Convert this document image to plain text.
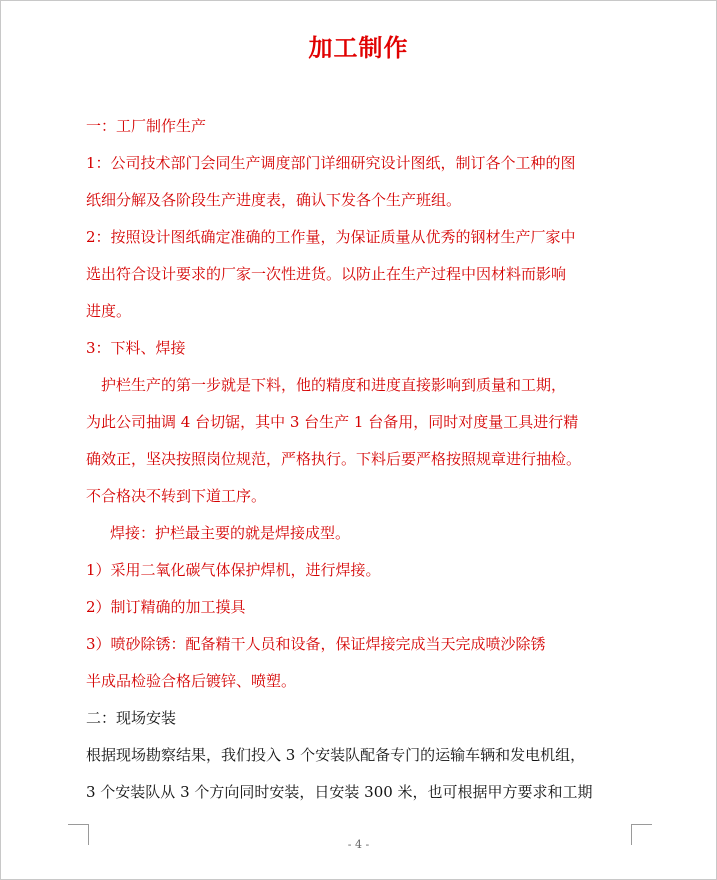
加工制作
一：工厂制作生产
1：公司技术部门会同生产调度部门详细研究设计图纸，制订各个工种的图
纸细分解及各阶段生产进度表，确认下发各个生产班组。
2：按照设计图纸确定准确的工作量，为保证质量从优秀的钢材生产厂家中
选出符合设计要求的厂家一次性进货。以防止在生产过程中因材料而影响
进度。
3：下料、焊接
护栏生产的第一步就是下料，他的精度和进度直接影响到质量和工期，
为此公司抽调 4 台切锯，其中 3 台生产 1 台备用，同时对度量工具进行精
确效正，坚决按照岗位规范，严格执行。下料后要严格按照规章进行抽检。
不合格决不转到下道工序。
焊接：护栏最主要的就是焊接成型。
1）采用二氧化碳气体保护焊机，进行焊接。
2）制订精确的加工摸具
3）喷砂除锈：配备精干人员和设备，保证焊接完成当天完成喷沙除锈
半成品检验合格后镀锌、喷塑。
二：现场安装
根据现场勘察结果，我们投入 3 个安装队配备专门的运输车辆和发电机组，
3 个安装队从 3 个方向同时安装，日安装 300 米，也可根据甲方要求和工期
- 4 -
